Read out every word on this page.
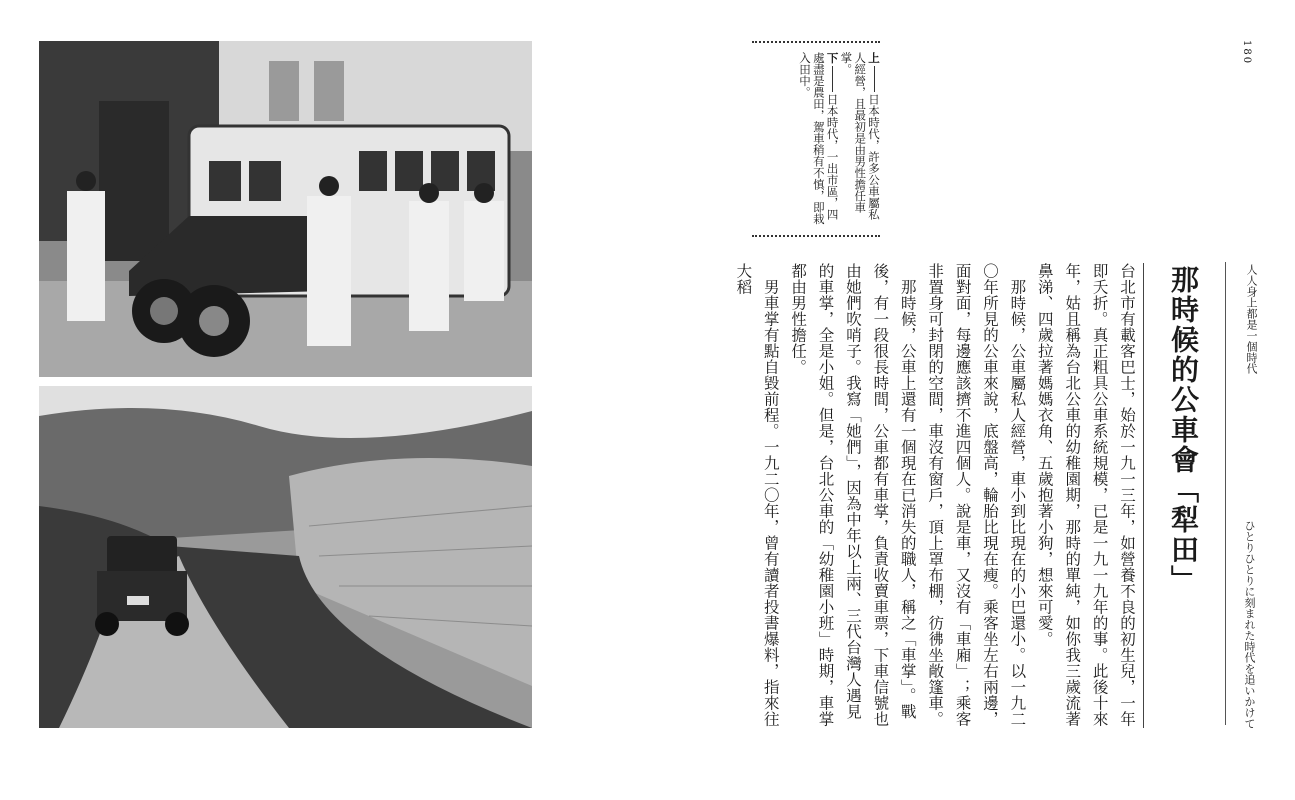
180
人人身上都是一個時代
ひとりひとりに刻まれた時代を追いかけて
那時候的公車會「犁田」

台北市有載客巴士，始於一九一三年，如營養不良的初生兒，一年即夭折。真正粗具公車系統規模，已是一九一九年的事。此後十來年，姑且稱為台北公車的幼稚園期，那時的單純，如你我三歲流著鼻涕、四歲拉著媽媽衣角、五歲抱著小狗，想來可愛。

那時候，公車屬私人經營，車小到比現在的小巴還小。以一九二〇年所見的公車來說，底盤高，輪胎比現在瘦。乘客坐左右兩邊，面對面，每邊應該擠不進四個人。說是車，又沒有「車廂」；乘客非置身可封閉的空間，車沒有窗戶，頂上罩布棚，彷彿坐敞篷車。

那時候，公車上還有一個現在已消失的職人，稱之「車掌」。戰後，有一段很長時間，公車都有車掌，負責收賣車票，下車信號也由她們吹哨子。我寫「她們」，因為中年以上兩、三代台灣人遇見的車掌，全是小姐。但是，台北公車的「幼稚園小班」時期，車掌都由男性擔任。

男車掌有點自毀前程。一九二〇年，曾有讀者投書爆料，指來往大稻

上日本時代，許多公車屬私人經營，且最初是由男性擔任車掌。

下日本時代，一出市區，四處盡是農田，駕車稍有不慎，即栽入田中。
